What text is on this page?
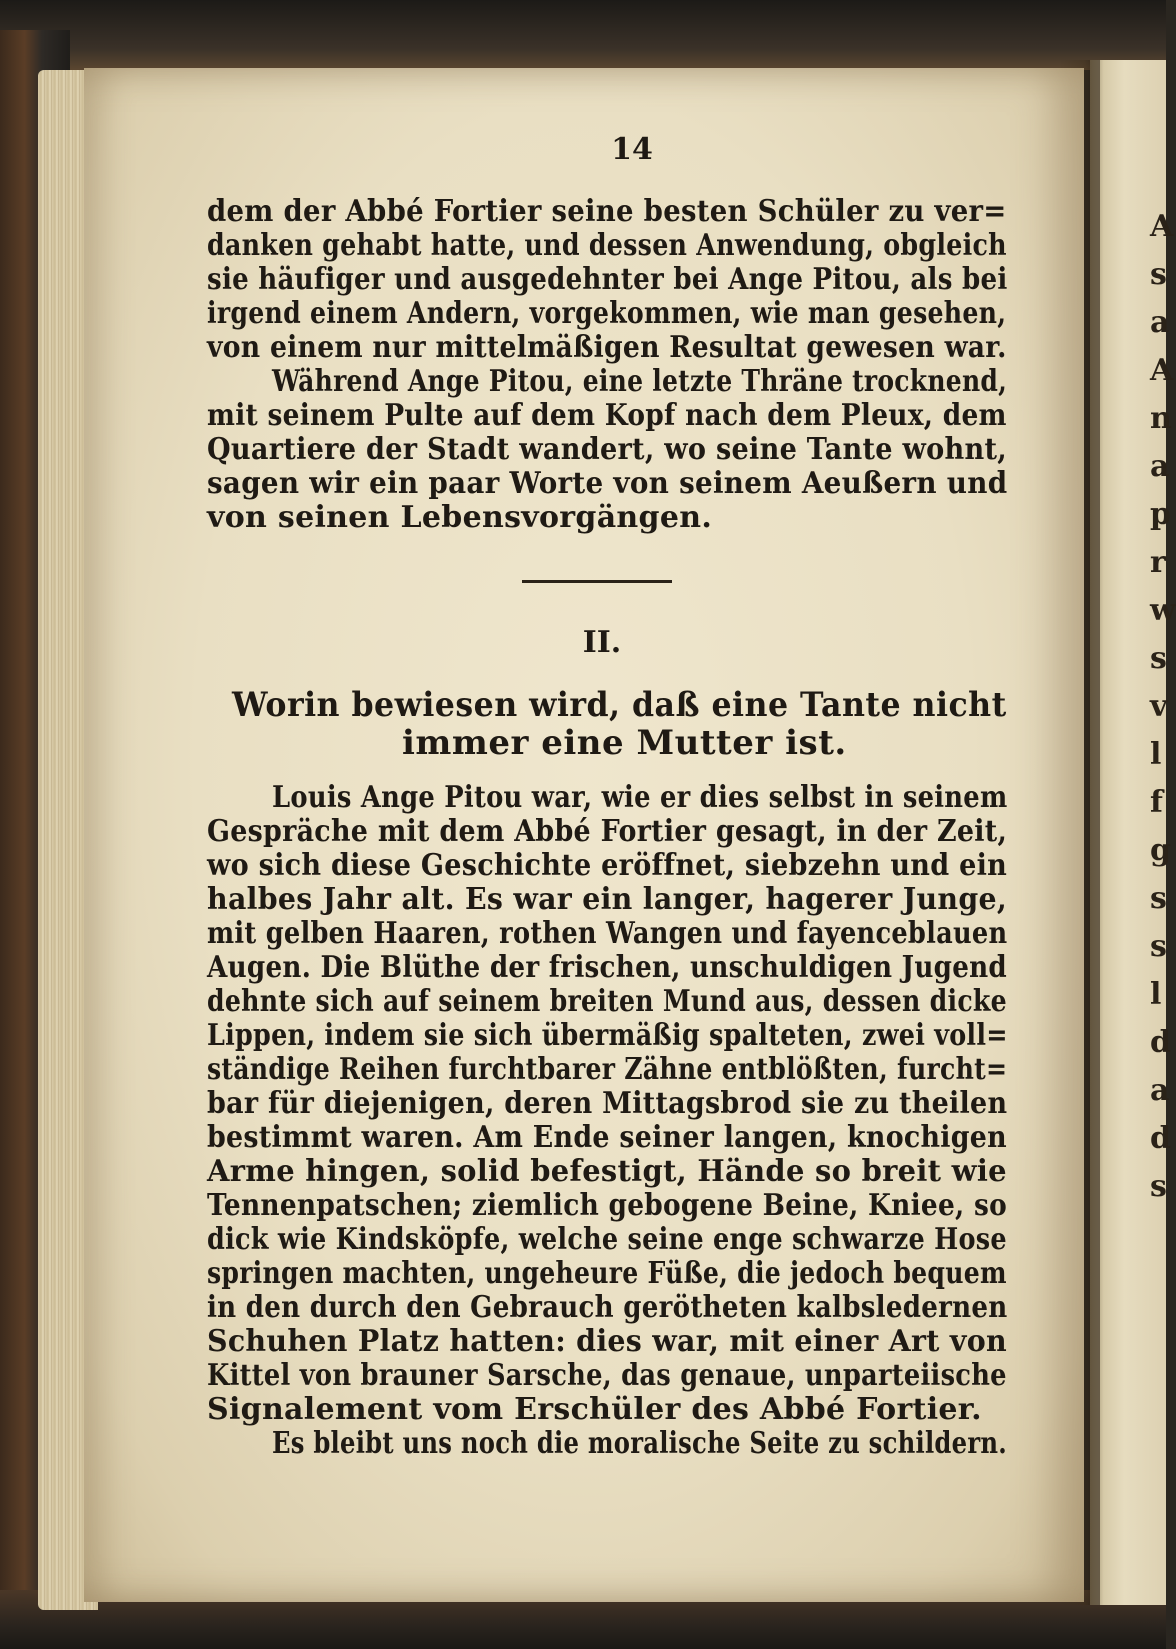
A
s
a
A
n
a
p
r
w
s
v
l
f
g
s
s
l
d
a
d
s
14
dem der Abbé Fortier seine besten Schüler zu ver=
danken gehabt hatte, und dessen Anwendung, obgleich
sie häufiger und ausgedehnter bei Ange Pitou, als bei
irgend einem Andern, vorgekommen, wie man gesehen,
von einem nur mittelmäßigen Resultat gewesen war.
Während Ange Pitou, eine letzte Thräne trocknend,
mit seinem Pulte auf dem Kopf nach dem Pleux, dem
Quartiere der Stadt wandert, wo seine Tante wohnt,
sagen wir ein paar Worte von seinem Aeußern und
von seinen Lebensvorgängen.
II.
Worin bewiesen wird, daß eine Tante nicht
immer eine Mutter ist.
Louis Ange Pitou war, wie er dies selbst in seinem
Gespräche mit dem Abbé Fortier gesagt, in der Zeit,
wo sich diese Geschichte eröffnet, siebzehn und ein
halbes Jahr alt. Es war ein langer, hagerer Junge,
mit gelben Haaren, rothen Wangen und fayenceblauen
Augen. Die Blüthe der frischen, unschuldigen Jugend
dehnte sich auf seinem breiten Mund aus, dessen dicke
Lippen, indem sie sich übermäßig spalteten, zwei voll=
ständige Reihen furchtbarer Zähne entblößten, furcht=
bar für diejenigen, deren Mittagsbrod sie zu theilen
bestimmt waren. Am Ende seiner langen, knochigen
Arme hingen, solid befestigt, Hände so breit wie
Tennenpatschen; ziemlich gebogene Beine, Kniee, so
dick wie Kindsköpfe, welche seine enge schwarze Hose
springen machten, ungeheure Füße, die jedoch bequem
in den durch den Gebrauch gerötheten kalbsledernen
Schuhen Platz hatten: dies war, mit einer Art von
Kittel von brauner Sarsche, das genaue, unparteiische
Signalement vom Erschüler des Abbé Fortier.
Es bleibt uns noch die moralische Seite zu schildern.
